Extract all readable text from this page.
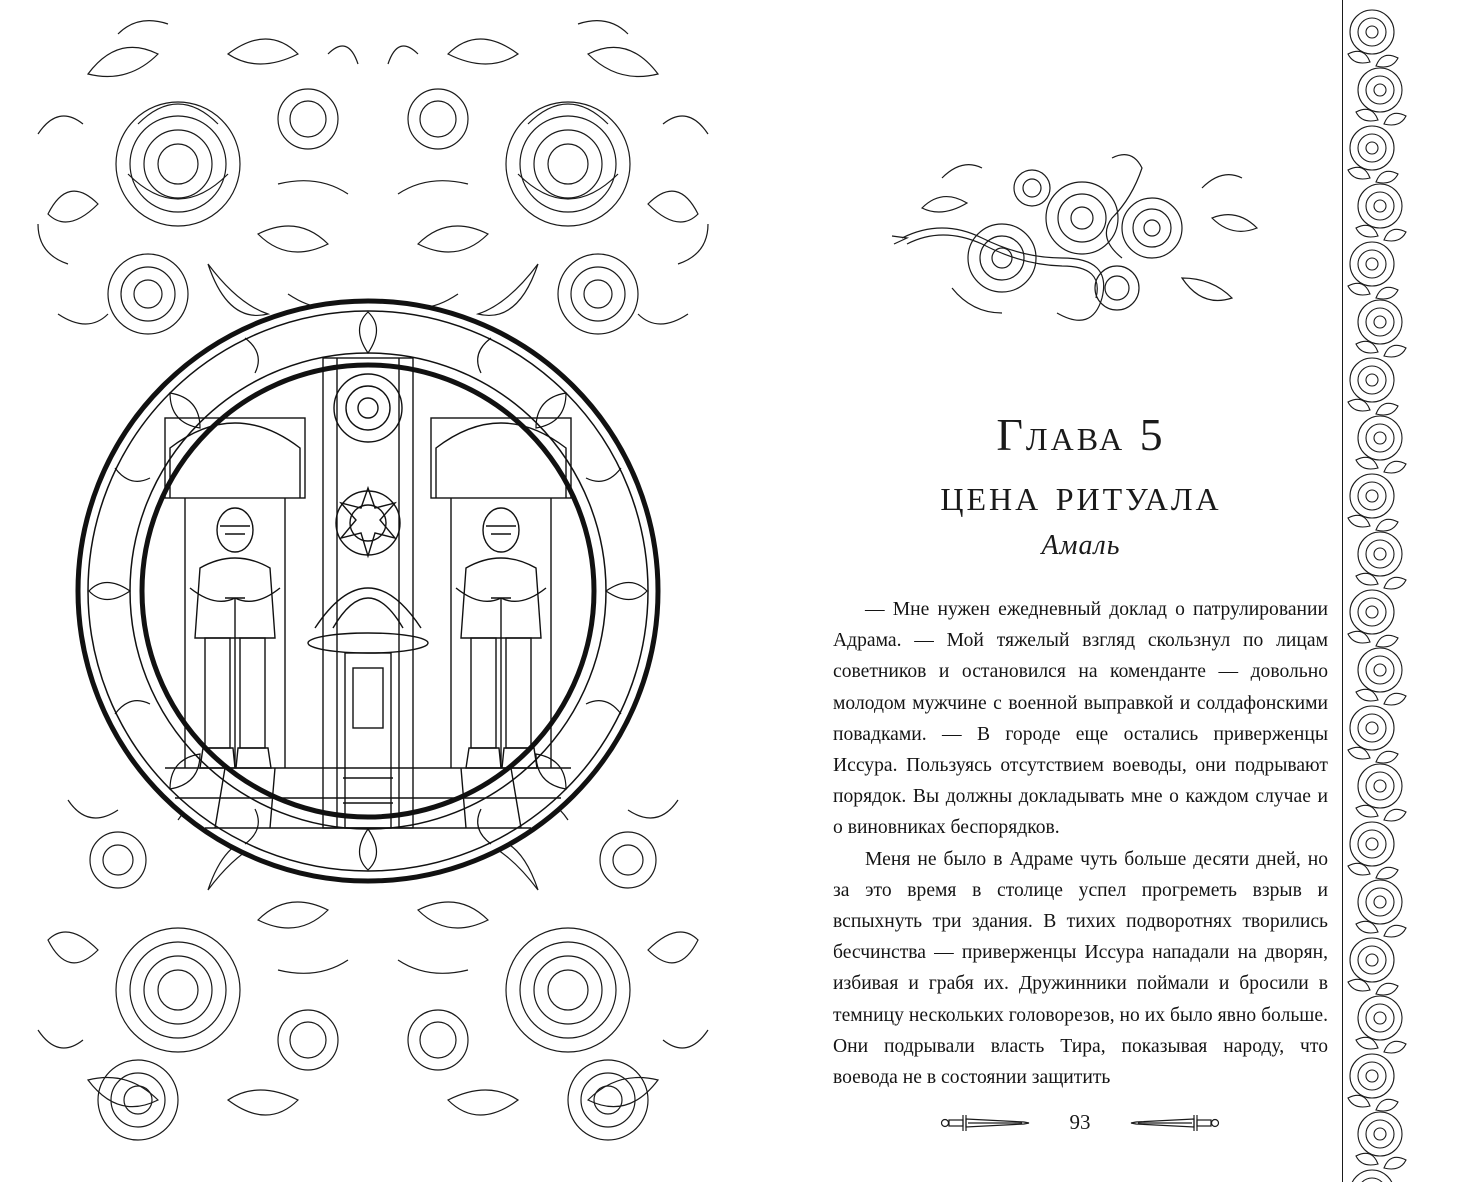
Глава 5
цена ритуала
Амаль

— Мне нужен ежедневный доклад о патрулировании Адрама. — Мой тяжелый взгляд скользнул по лицам советников и остановился на коменданте — довольно молодом мужчине с военной выправкой и солдафонскими повадками. — В городе еще остались приверженцы Иссура. Пользуясь отсутствием воеводы, они подрывают порядок. Вы должны докладывать мне о каждом случае и о виновниках беспорядков.

Меня не было в Адраме чуть больше десяти дней, но за это время в столице успел прогреметь взрыв и вспыхнуть три здания. В тихих подворотнях творились бесчинства — приверженцы Иссура нападали на дворян, избивая и грабя их. Дружинники поймали и бросили в темницу нескольких головорезов, но их было явно больше. Они подрывали власть Тира, показывая народу, что воевода не в состоянии защитить

93
